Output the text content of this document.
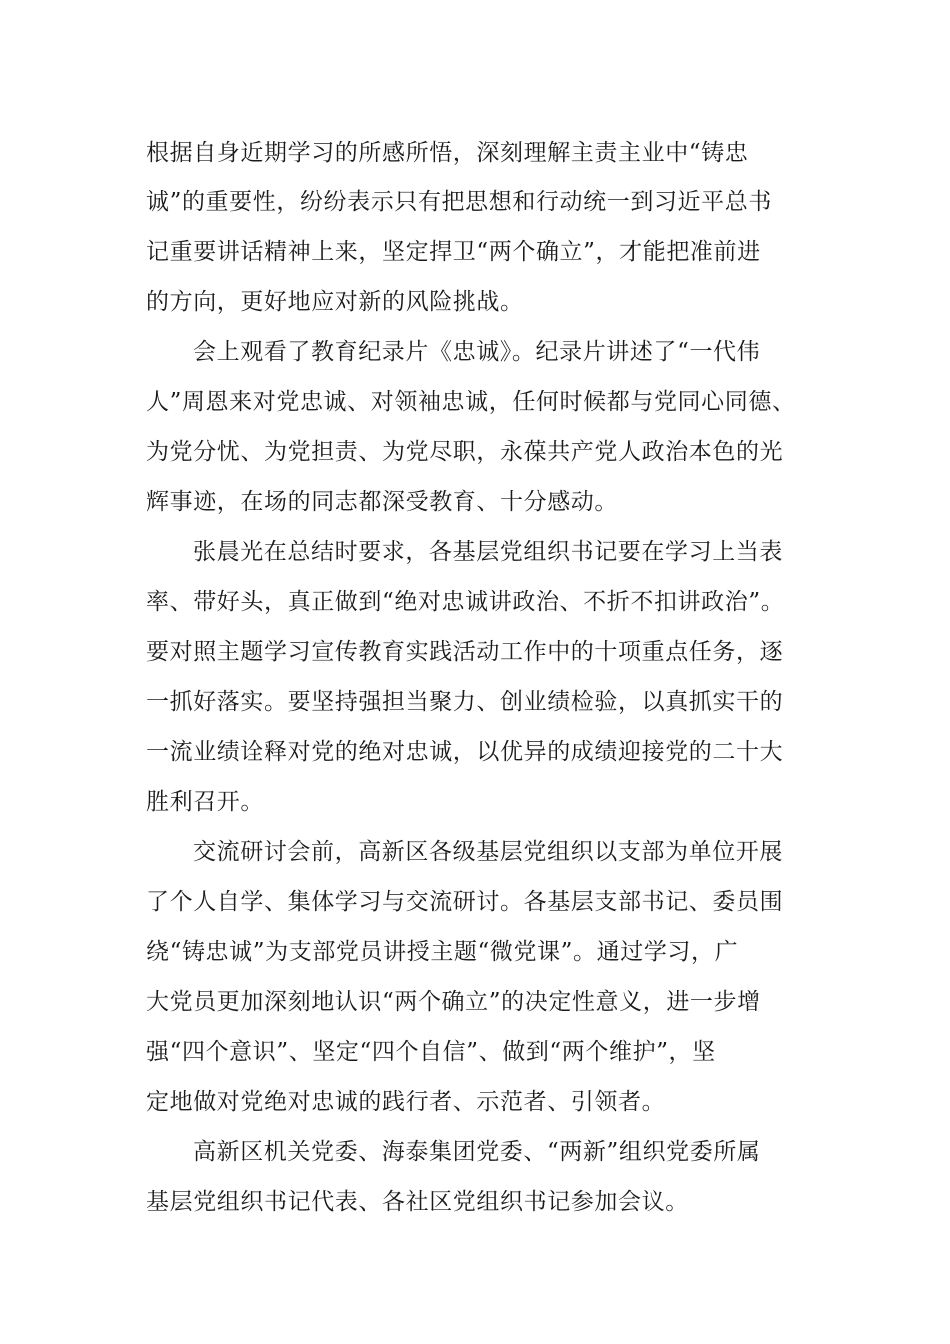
根据自身近期学习的所感所悟，深刻理解主责主业中“铸忠
诚”的重要性，纷纷表示只有把思想和行动统一到习近平总书
记重要讲话精神上来，坚定捍卫“两个确立”，才能把准前进
的方向，更好地应对新的风险挑战。
会上观看了教育纪录片《忠诚》。纪录片讲述了“一代伟
人”周恩来对党忠诚、对领袖忠诚，任何时候都与党同心同德、
为党分忧、为党担责、为党尽职，永葆共产党人政治本色的光
辉事迹，在场的同志都深受教育、十分感动。
张晨光在总结时要求，各基层党组织书记要在学习上当表
率、带好头，真正做到“绝对忠诚讲政治、不折不扣讲政治”。
要对照主题学习宣传教育实践活动工作中的十项重点任务，逐
一抓好落实。要坚持强担当聚力、创业绩检验，以真抓实干的
一流业绩诠释对党的绝对忠诚，以优异的成绩迎接党的二十大
胜利召开。
交流研讨会前，高新区各级基层党组织以支部为单位开展
了个人自学、集体学习与交流研讨。各基层支部书记、委员围
绕“铸忠诚”为支部党员讲授主题“微党课”。通过学习，广
大党员更加深刻地认识“两个确立”的决定性意义，进一步增
强“四个意识”、坚定“四个自信”、做到“两个维护”，坚
定地做对党绝对忠诚的践行者、示范者、引领者。
高新区机关党委、海泰集团党委、“两新”组织党委所属
基层党组织书记代表、各社区党组织书记参加会议。
